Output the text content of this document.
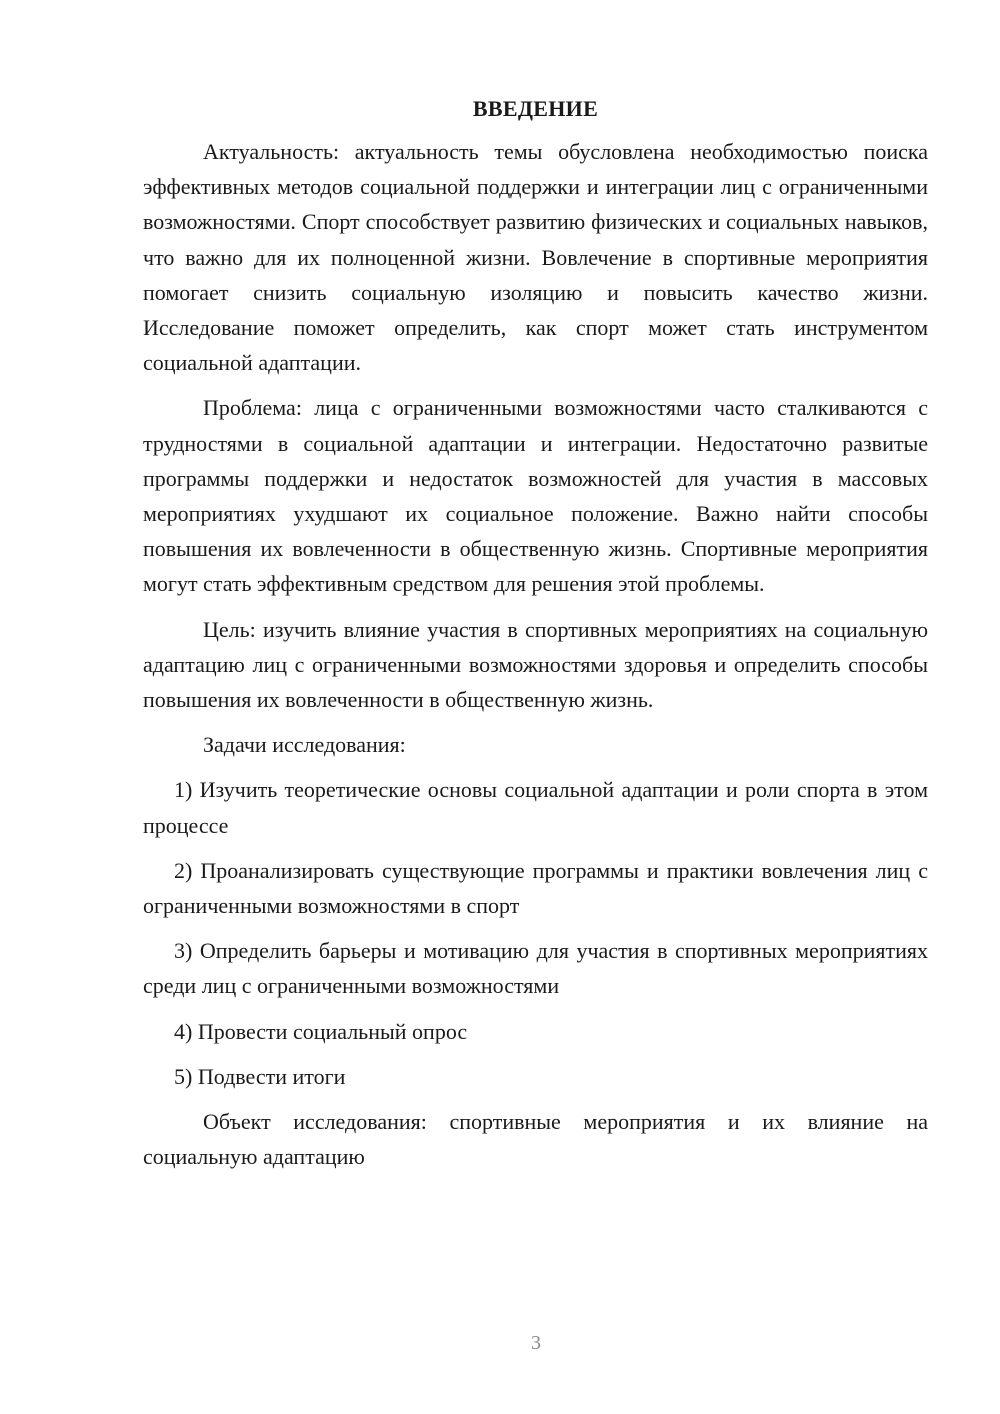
ВВЕДЕНИЕ

Актуальность: актуальность темы обусловлена необходимостью поиска эффективных методов социальной поддержки и интеграции лиц с ограниченными возможностями. Спорт способствует развитию физических и социальных навыков, что важно для их полноценной жизни. Вовлечение в спортивные мероприятия помогает снизить социальную изоляцию и повысить качество жизни. Исследование поможет определить, как спорт может стать инструментом социальной адаптации.

Проблема: лица с ограниченными возможностями часто сталкиваются с трудностями в социальной адаптации и интеграции. Недостаточно развитые программы поддержки и недостаток возможностей для участия в массовых мероприятиях ухудшают их социальное положение. Важно найти способы повышения их вовлеченности в общественную жизнь. Спортивные мероприятия могут стать эффективным средством для решения этой проблемы.

Цель: изучить влияние участия в спортивных мероприятиях на социальную адаптацию лиц с ограниченными возможностями здоровья и определить способы повышения их вовлеченности в общественную жизнь.

Задачи исследования:

1) Изучить теоретические основы социальной адаптации и роли спорта в этом процессе

2) Проанализировать существующие программы и практики вовлечения лиц с ограниченными возможностями в спорт

3) Определить барьеры и мотивацию для участия в спортивных мероприятиях среди лиц с ограниченными возможностями

4) Провести социальный опрос

5) Подвести итоги

Объект исследования: спортивные мероприятия и их влияние на социальную адаптацию

3
